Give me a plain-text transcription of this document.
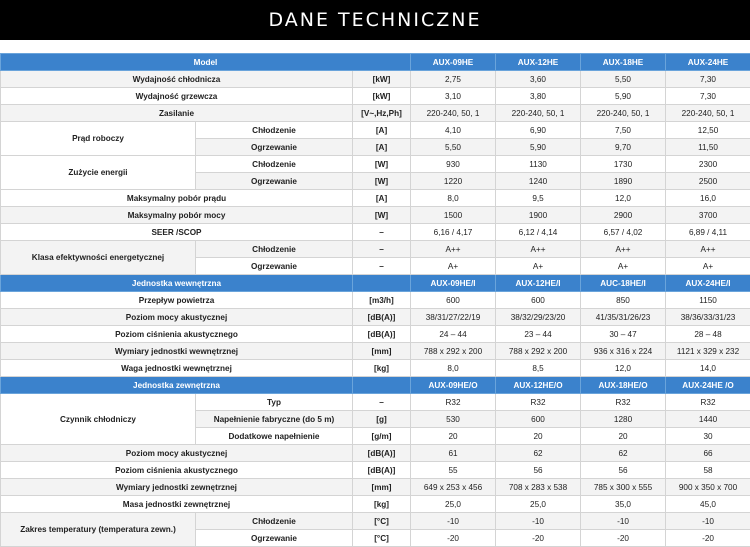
DANE TECHNICZNE
Model			AUX-09HE	AUX-12HE	AUX-18HE	AUX-24HE
Wydajność chłodnicza		[kW]	2,75	3,60	5,50	7,30
Wydajność grzewcza		[kW]	3,10	3,80	5,90	7,30
Zasilanie		[V~,Hz,Ph]	220-240, 50, 1	220-240, 50, 1	220-240, 50, 1	220-240, 50, 1
Prąd roboczy	Chłodzenie	[A]	4,10	6,90	7,50	12,50
	Ogrzewanie	[A]	5,50	5,90	9,70	11,50
Zużycie energii	Chłodzenie	[W]	930	1130	1730	2300
	Ogrzewanie	[W]	1220	1240	1890	2500
Maksymalny pobór prądu		[A]	8,0	9,5	12,0	16,0
Maksymalny pobór mocy		[W]	1500	1900	2900	3700
SEER /SCOP		–	6,16 / 4,17	6,12 / 4,14	6,57 / 4,02	6,89 / 4,11
Klasa efektywności energetycznej	Chłodzenie	–	A++	A++	A++	A++
	Ogrzewanie	–	A+	A+	A+	A+
Jednostka wewnętrzna			AUX-09HE/I	AUX-12HE/I	AUC-18HE/I	AUX-24HE/I
Przepływ powietrza		[m3/h]	600	600	850	1150
Poziom mocy akustycznej		[dB(A)]	38/31/27/22/19	38/32/29/23/20	41/35/31/26/23	38/36/33/31/23
Poziom ciśnienia akustycznego		[dB(A)]	24 – 44	23 – 44	30 – 47	28 – 48
Wymiary jednostki wewnętrznej		[mm]	788 x 292 x 200	788 x 292 x 200	936 x 316 x 224	1121 x 329 x 232
Waga jednostki wewnętrznej		[kg]	8,0	8,5	12,0	14,0
Jednostka zewnętrzna			AUX-09HE/O	AUX-12HE/O	AUX-18HE/O	AUX-24HE /O
Czynnik chłodniczy	Typ	–	R32	R32	R32	R32
	Napełnienie fabryczne (do 5 m)	[g]	530	600	1280	1440
	Dodatkowe napełnienie	[g/m]	20	20	20	30
Poziom mocy akustycznej		[dB(A)]	61	62	62	66
Poziom ciśnienia akustycznego		[dB(A)]	55	56	56	58
Wymiary jednostki zewnętrznej		[mm]	649 x 253 x 456	708 x 283 x 538	785 x 300 x 555	900 x 350 x 700
Masa jednostki zewnętrznej		[kg]	25,0	25,0	35,0	45,0
Zakres temperatury (temperatura zewn.)	Chłodzenie	[°C]	-10	-10	-10	-10
	Ogrzewanie	[°C]	-20	-20	-20	-20
